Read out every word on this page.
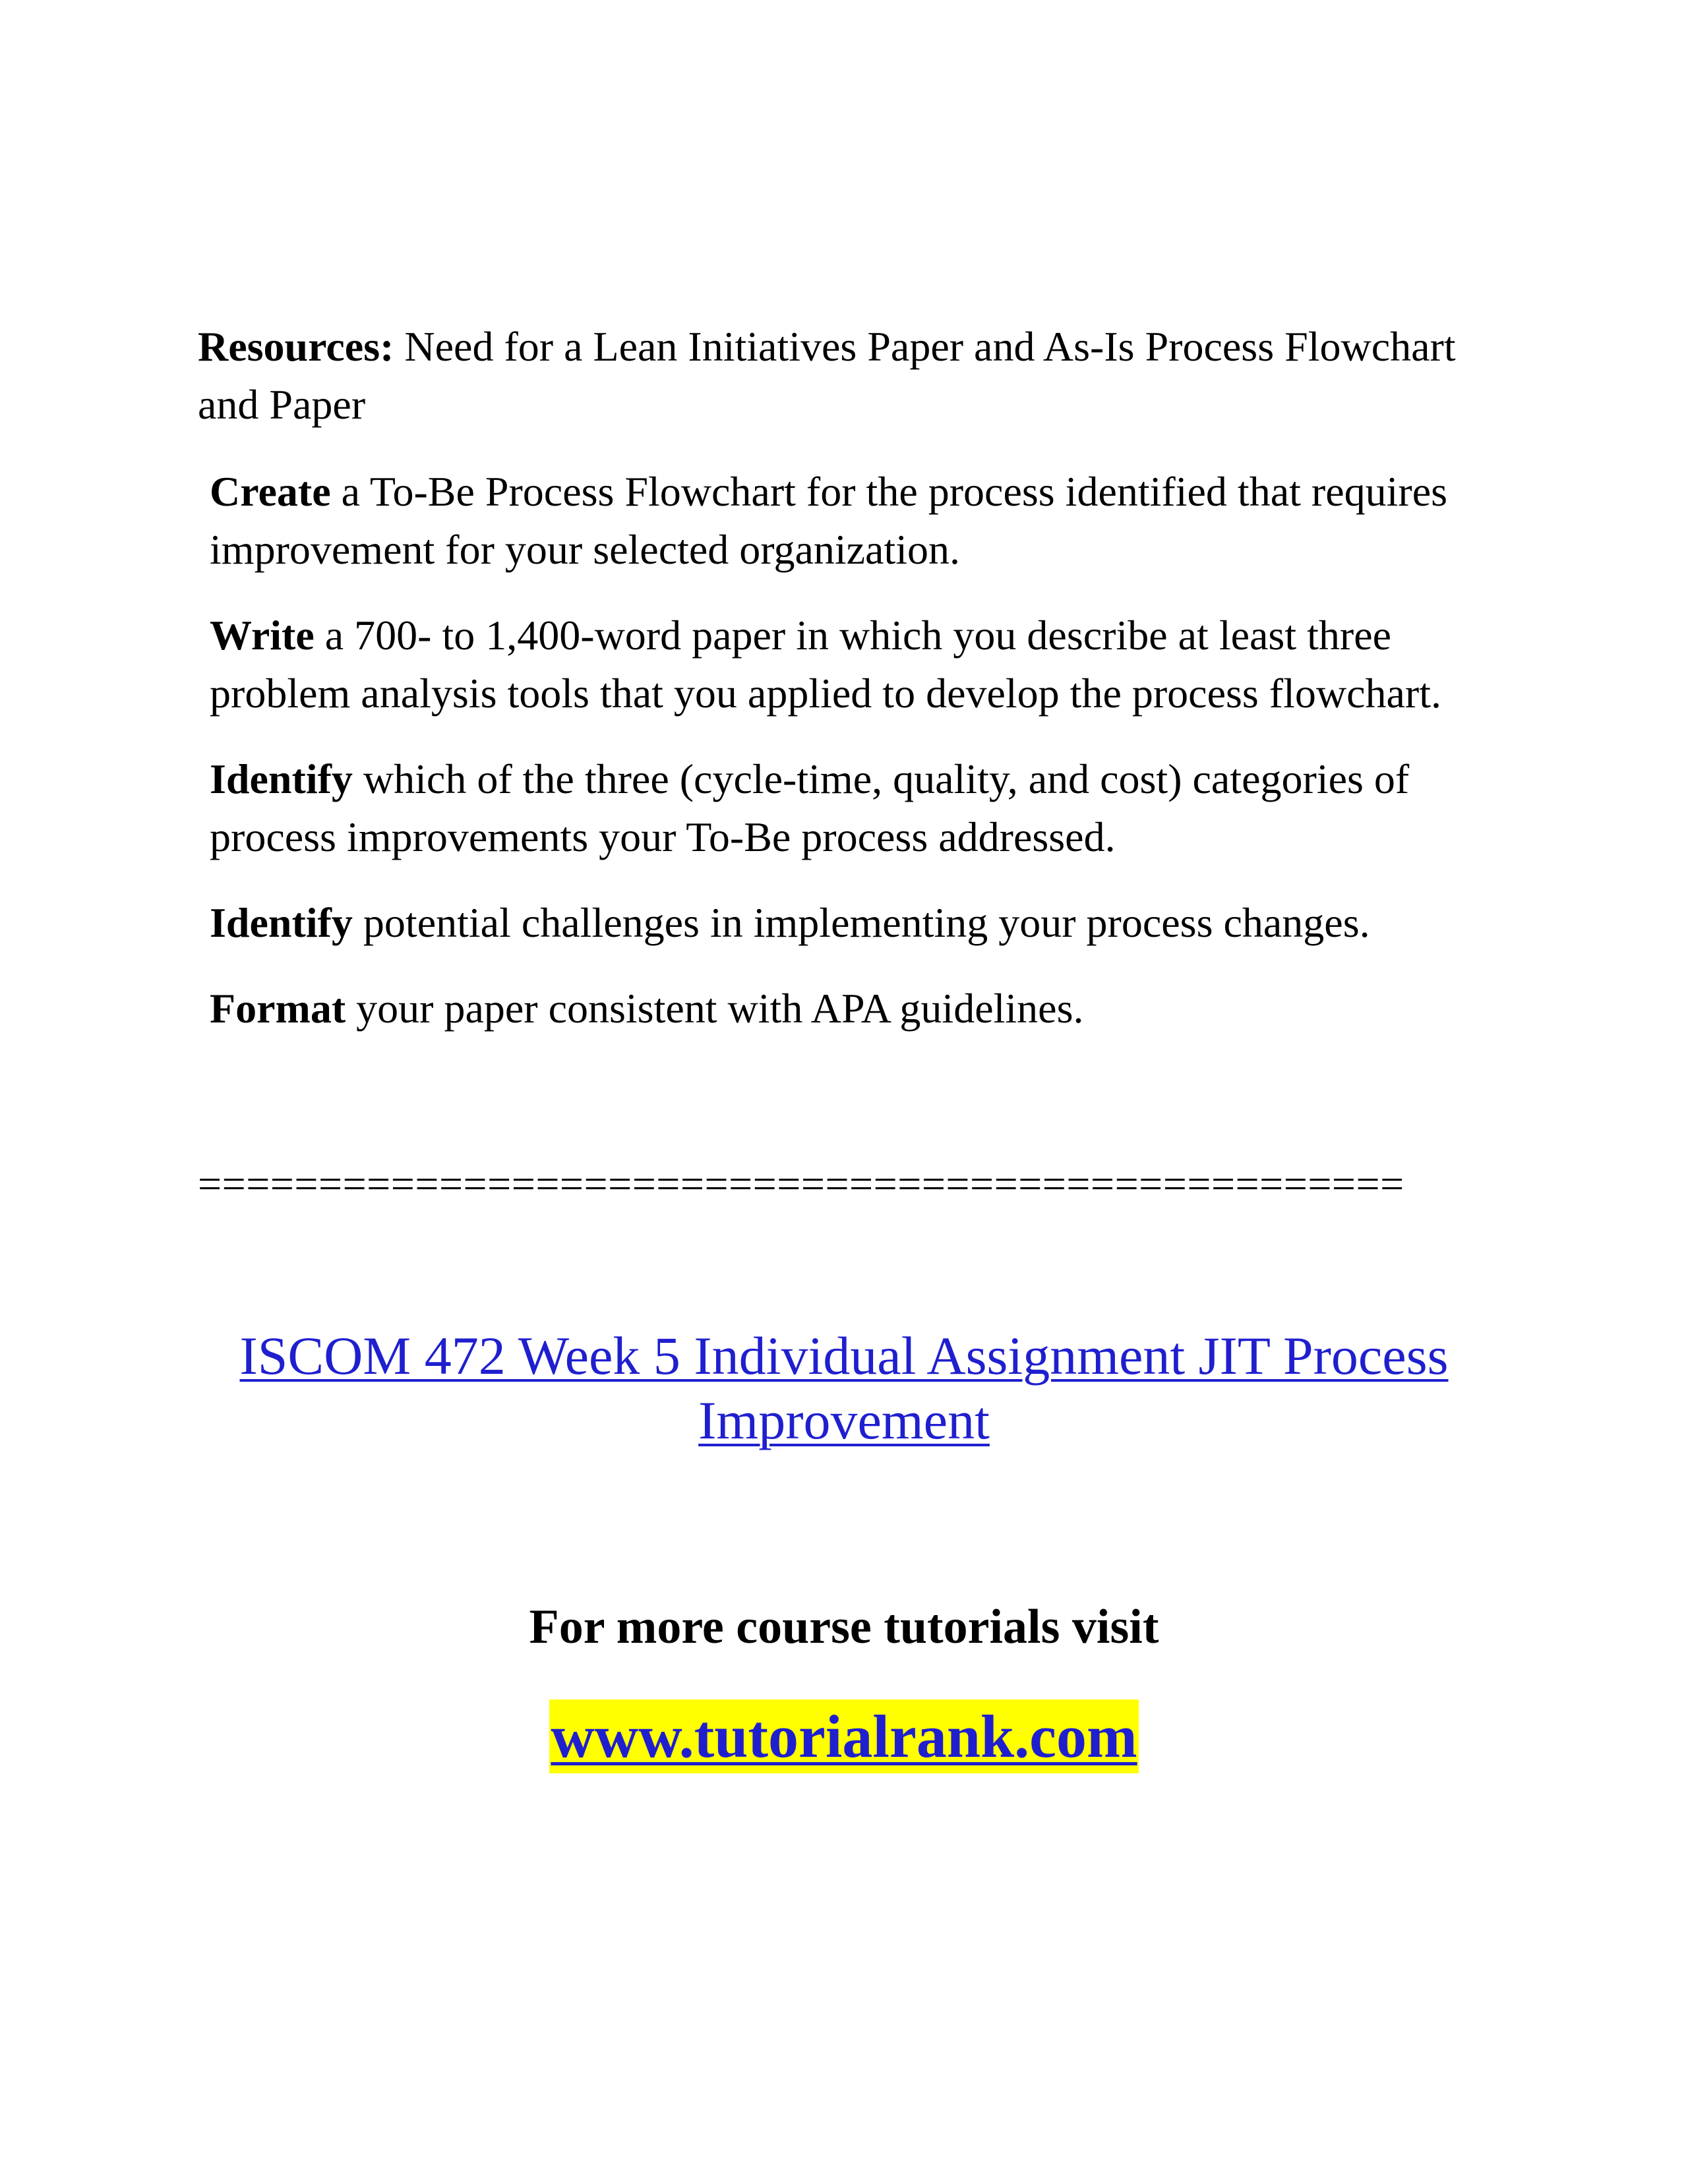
Resources: Need for a Lean Initiatives Paper and As-Is Process Flowchart and Paper

Create a To-Be Process Flowchart for the process identified that requires improvement for your selected organization.

Write a 700- to 1,400-word paper in which you describe at least three problem analysis tools that you applied to develop the process flowchart.

Identify which of the three (cycle-time, quality, and cost) categories of process improvements your To-Be process addressed.

Identify potential challenges in implementing your process changes.

Format your paper consistent with APA guidelines.

==================================================

ISCOM 472 Week 5 Individual Assignment JIT Process
Improvement

For more course tutorials visit

www.tutorialrank.com
